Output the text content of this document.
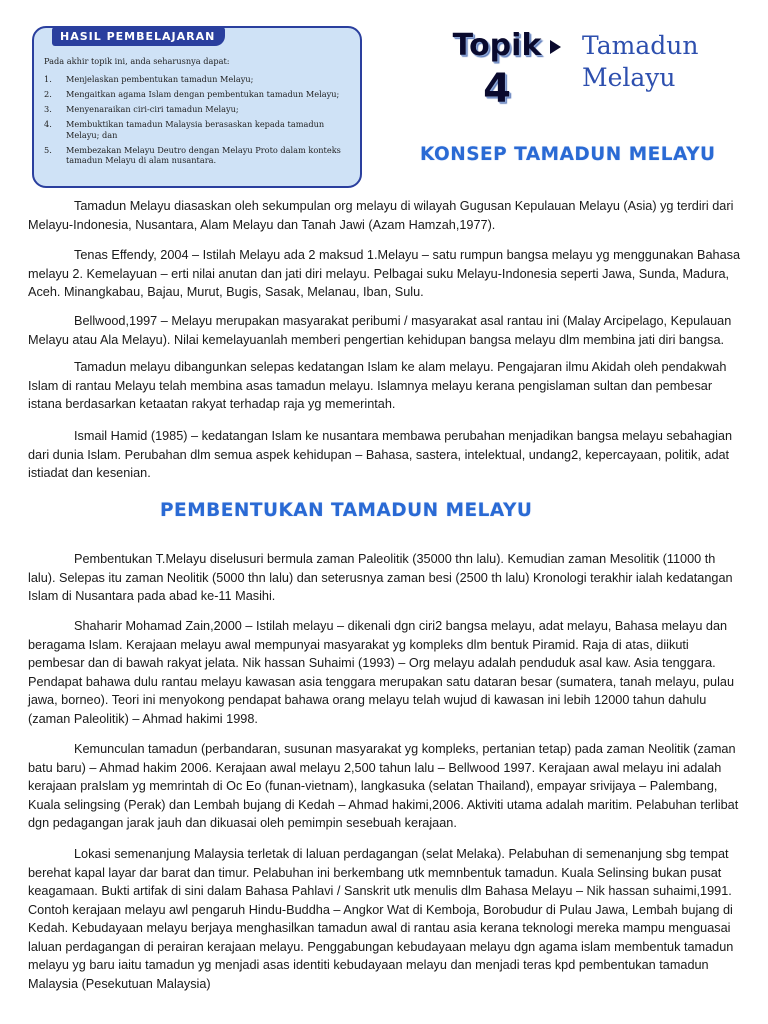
HASIL PEMBELAJARAN

Pada akhir topik ini, anda seharusnya dapat:

1.	Menjelaskan pembentukan tamadun Melayu;
2.	Mengaitkan agama Islam dengan pembentukan tamadun Melayu;
3.	Menyenaraikan ciri-ciri tamadun Melayu;
4.	Membuktikan tamadun Malaysia berasaskan kepada tamadun Melayu; dan
5.	Membezakan Melayu Deutro dengan Melayu Proto dalam konteks tamadun Melayu di alam nusantara.
Topik
4
Tamadun
Melayu
KONSEP TAMADUN MELAYU

Tamadun Melayu diasaskan oleh sekumpulan org melayu di wilayah Gugusan Kepulauan Melayu (Asia) yg terdiri dari Melayu-Indonesia, Nusantara, Alam Melayu dan Tanah Jawi (Azam Hamzah,1977).

Tenas Effendy, 2004 – Istilah Melayu ada 2 maksud 1.Melayu – satu rumpun bangsa melayu yg menggunakan Bahasa melayu 2. Kemelayuan – erti nilai anutan dan jati diri melayu. Pelbagai suku Melayu-Indonesia seperti Jawa, Sunda, Madura, Aceh. Minangkabau, Bajau, Murut, Bugis, Sasak, Melanau, Iban, Sulu.

Bellwood,1997 – Melayu merupakan masyarakat peribumi / masyarakat asal rantau ini (Malay Arcipelago, Kepulauan Melayu atau Ala Melayu). Nilai kemelayuanlah memberi pengertian kehidupan bangsa melayu dlm membina jati diri bangsa.

Tamadun melayu dibangunkan selepas kedatangan Islam ke alam melayu. Pengajaran ilmu Akidah oleh pendakwah Islam di rantau Melayu telah membina asas tamadun melayu. Islamnya melayu kerana pengislaman sultan dan pembesar istana berdasarkan ketaatan rakyat terhadap raja yg memerintah.

Ismail Hamid (1985) – kedatangan Islam ke nusantara membawa perubahan menjadikan bangsa melayu sebahagian dari dunia Islam. Perubahan dlm semua aspek kehidupan – Bahasa, sastera, intelektual, undang2, kepercayaan, politik, adat istiadat dan kesenian.

PEMBENTUKAN TAMADUN MELAYU

Pembentukan T.Melayu diselusuri bermula zaman Paleolitik (35000 thn lalu). Kemudian zaman Mesolitik (11000 th lalu). Selepas itu zaman Neolitik (5000 thn lalu) dan seterusnya zaman besi (2500 th lalu) Kronologi terakhir ialah kedatangan Islam di Nusantara pada abad ke-11 Masihi.

Shaharir Mohamad Zain,2000 – Istilah melayu – dikenali dgn ciri2 bangsa melayu, adat melayu, Bahasa melayu dan beragama Islam. Kerajaan melayu awal mempunyai masyarakat yg kompleks dlm bentuk Piramid. Raja di atas, diikuti pembesar dan di bawah rakyat jelata. Nik hassan Suhaimi (1993) – Org melayu adalah penduduk asal kaw. Asia tenggara. Pendapat bahawa dulu rantau melayu kawasan asia tenggara merupakan satu dataran besar (sumatera, tanah melayu, pulau jawa, borneo). Teori ini menyokong pendapat bahawa orang melayu telah wujud di kawasan ini lebih 12000 tahun dahulu (zaman Paleolitik) – Ahmad hakimi 1998.

Kemunculan tamadun (perbandaran, susunan masyarakat yg kompleks, pertanian tetap) pada zaman Neolitik (zaman batu baru) – Ahmad hakim 2006. Kerajaan awal melayu 2,500 tahun lalu – Bellwood 1997. Kerajaan awal melayu ini adalah kerajaan praIslam yg memrintah di Oc Eo (funan-vietnam), langkasuka (selatan Thailand), empayar srivijaya – Palembang, Kuala selingsing (Perak) dan Lembah bujang di Kedah – Ahmad hakimi,2006. Aktiviti utama adalah maritim. Pelabuhan terlibat dgn pedagangan jarak jauh dan dikuasai oleh pemimpin sesebuah kerajaan.

Lokasi semenanjung Malaysia terletak di laluan perdagangan (selat Melaka). Pelabuhan di semenanjung sbg tempat berehat kapal layar dar barat dan timur. Pelabuhan ini berkembang utk memnbentuk tamadun. Kuala Selinsing bukan pusat keagamaan. Bukti artifak di sini dalam Bahasa Pahlavi / Sanskrit utk menulis dlm Bahasa Melayu – Nik hassan suhaimi,1991. Contoh kerajaan melayu awl pengaruh Hindu-Buddha – Angkor Wat di Kemboja, Borobudur di Pulau Jawa, Lembah bujang di Kedah. Kebudayaan melayu berjaya menghasilkan tamadun awal di rantau asia kerana teknologi mereka mampu menguasai laluan perdagangan di perairan kerajaan melayu. Penggabungan kebudayaan melayu dgn agama islam membentuk tamadun melayu yg baru iaitu tamadun yg menjadi asas identiti kebudayaan melayu dan menjadi teras kpd pembentukan tamadun Malaysia (Pesekutuan Malaysia)
